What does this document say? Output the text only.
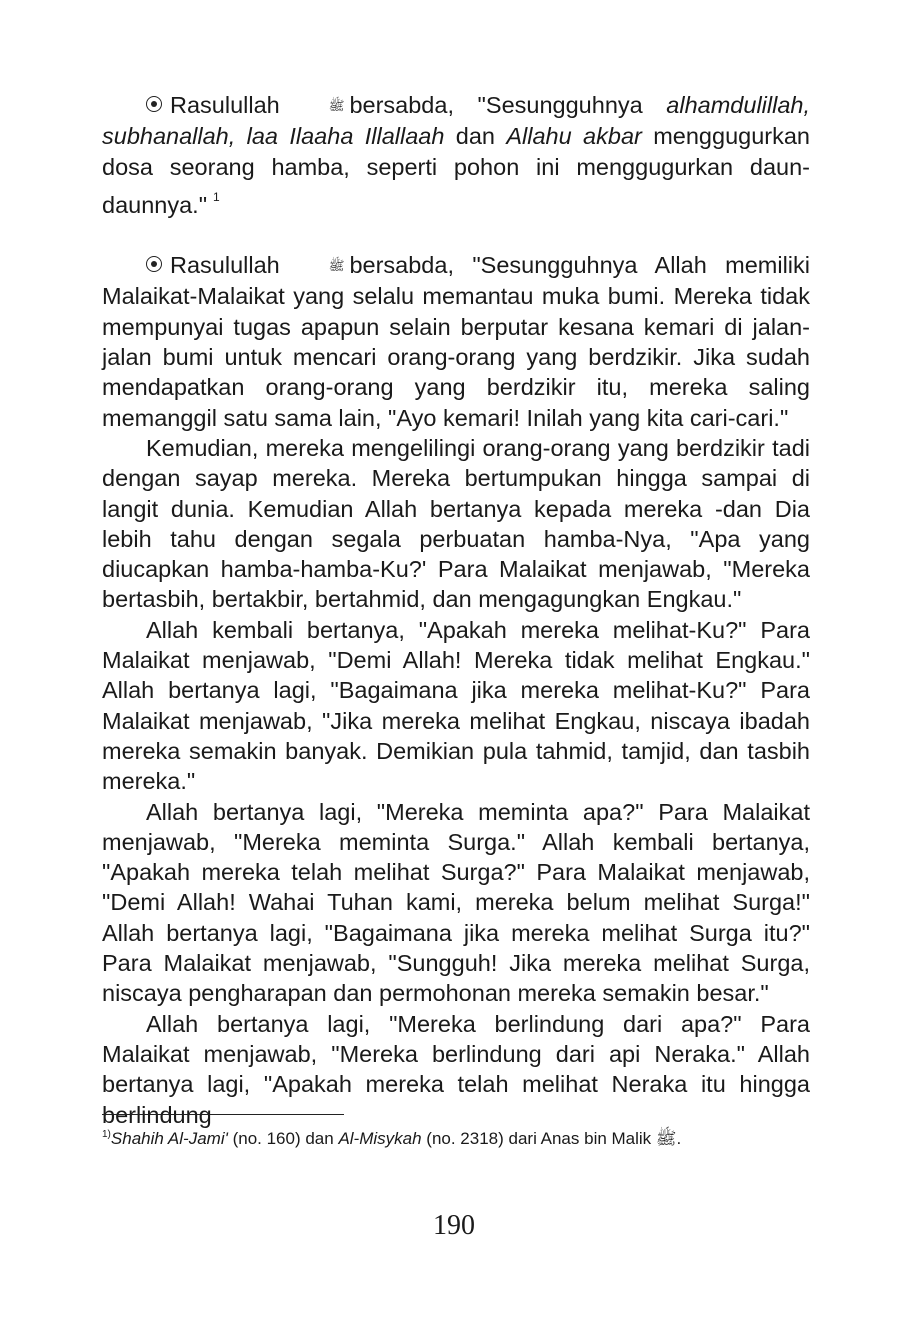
Rasulullah	ﷺ bersabda, "Sesungguhnya alhamdulillah, subhanallah, laa Ilaaha Illallaah dan Allahu akbar menggugurkan dosa seorang hamba, seperti pohon ini menggugurkan daun-daunnya." $^1$

Rasulullah	ﷺ bersabda, "Sesungguhnya Allah memiliki Malaikat-Malaikat yang selalu memantau muka bumi. Mereka tidak mempunyai tugas apapun selain berputar kesana kemari di jalan-jalan bumi untuk mencari orang-orang yang berdzikir. Jika sudah mendapatkan orang-orang yang berdzikir itu, mereka saling memanggil satu sama lain, "Ayo kemari! Inilah yang kita cari-cari."

Kemudian, mereka mengelilingi orang-orang yang berdzikir tadi dengan sayap mereka. Mereka bertumpukan hingga sampai di langit dunia. Kemudian Allah bertanya kepada mereka -dan Dia lebih tahu dengan segala perbuatan hamba-Nya, "Apa yang diucapkan hamba-hamba-Ku?' Para Malaikat menjawab, "Mereka bertasbih, bertakbir, bertahmid, dan mengagungkan Engkau."

Allah kembali bertanya, "Apakah mereka melihat-Ku?" Para Malaikat menjawab, "Demi Allah! Mereka tidak melihat Engkau." Allah bertanya lagi, "Bagaimana jika mereka melihat-Ku?" Para Malaikat menjawab, "Jika mereka melihat Engkau, niscaya ibadah mereka semakin banyak. Demikian pula tahmid, tamjid, dan tasbih mereka."

Allah bertanya lagi, "Mereka meminta apa?" Para Malaikat menjawab, "Mereka meminta Surga." Allah kembali bertanya, "Apakah mereka telah melihat Surga?" Para Malaikat menjawab, "Demi Allah! Wahai Tuhan kami, mereka belum melihat Surga!" Allah bertanya lagi, "Bagaimana jika mereka melihat Surga itu?" Para Malaikat menjawab, "Sungguh! Jika mereka melihat Surga, niscaya pengharapan dan permohonan mereka semakin besar."

Allah bertanya lagi, "Mereka berlindung dari apa?" Para Malaikat menjawab, "Mereka berlindung dari api Neraka." Allah bertanya lagi, "Apakah mereka telah melihat Neraka itu hingga berlindung

$^{1)}$Shahih Al-Jami' (no. 160) dan Al-Misykah (no. 2318) dari Anas bin Malik ﷺ.
190
